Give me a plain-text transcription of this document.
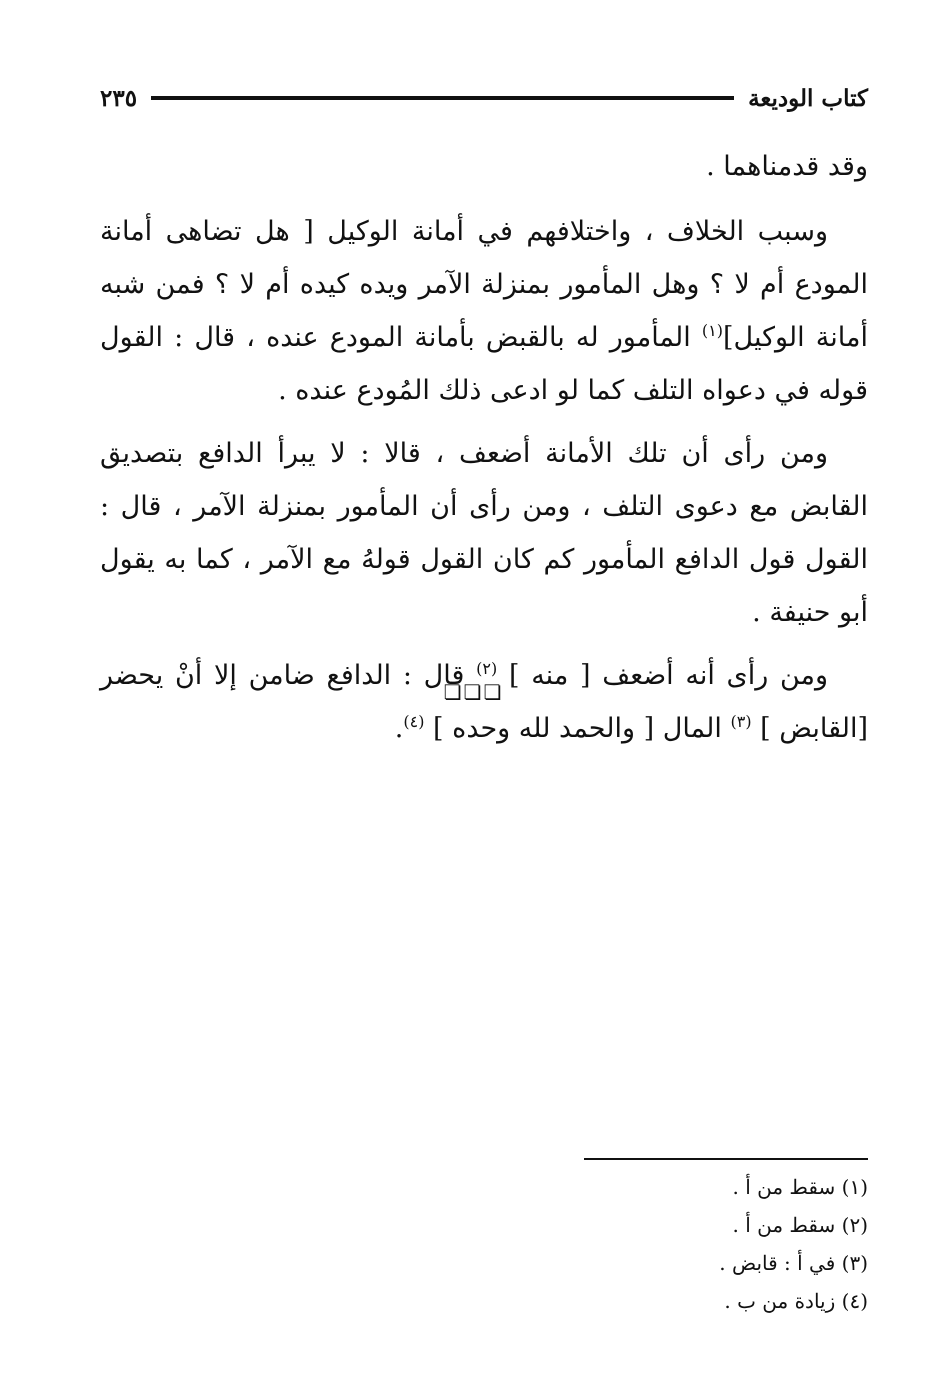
كتاب الوديعة
٢٣٥

وقد قدمناهما .

وسبب الخلاف ، واختلافهم في أمانة الوكيل [ هل تضاهى أمانة المودع أم لا ؟ وهل المأمور بمنزلة الآمر ويده كيده أم لا ؟ فمن شبه أمانة الوكيل]$^{(١)}$ المأمور له بالقبض بأمانة المودع عنده ، قال : القول قوله في دعواه التلف كما لو ادعى ذلك المُودع عنده .

ومن رأى أن تلك الأمانة أضعف ، قالا : لا يبرأ الدافع بتصديق القابض مع دعوى التلف ، ومن رأى أن المأمور بمنزلة الآمر ، قال : القول قول الدافع المأمور كم كان القول قولهُ مع الآمر ، كما به يقول أبو حنيفة .

ومن رأى أنه أضعف [ منه ] $^{(٢)}$ قال : الدافع ضامن إلا أنْ يحضر [القابض ] $^{(٣)}$ المال [ والحمد لله وحده ] $^{(٤)}$.

❏❏❏
(١) سقط من أ .
(٢) سقط من أ .
(٣) في أ : قابض .
(٤) زيادة من ب .
